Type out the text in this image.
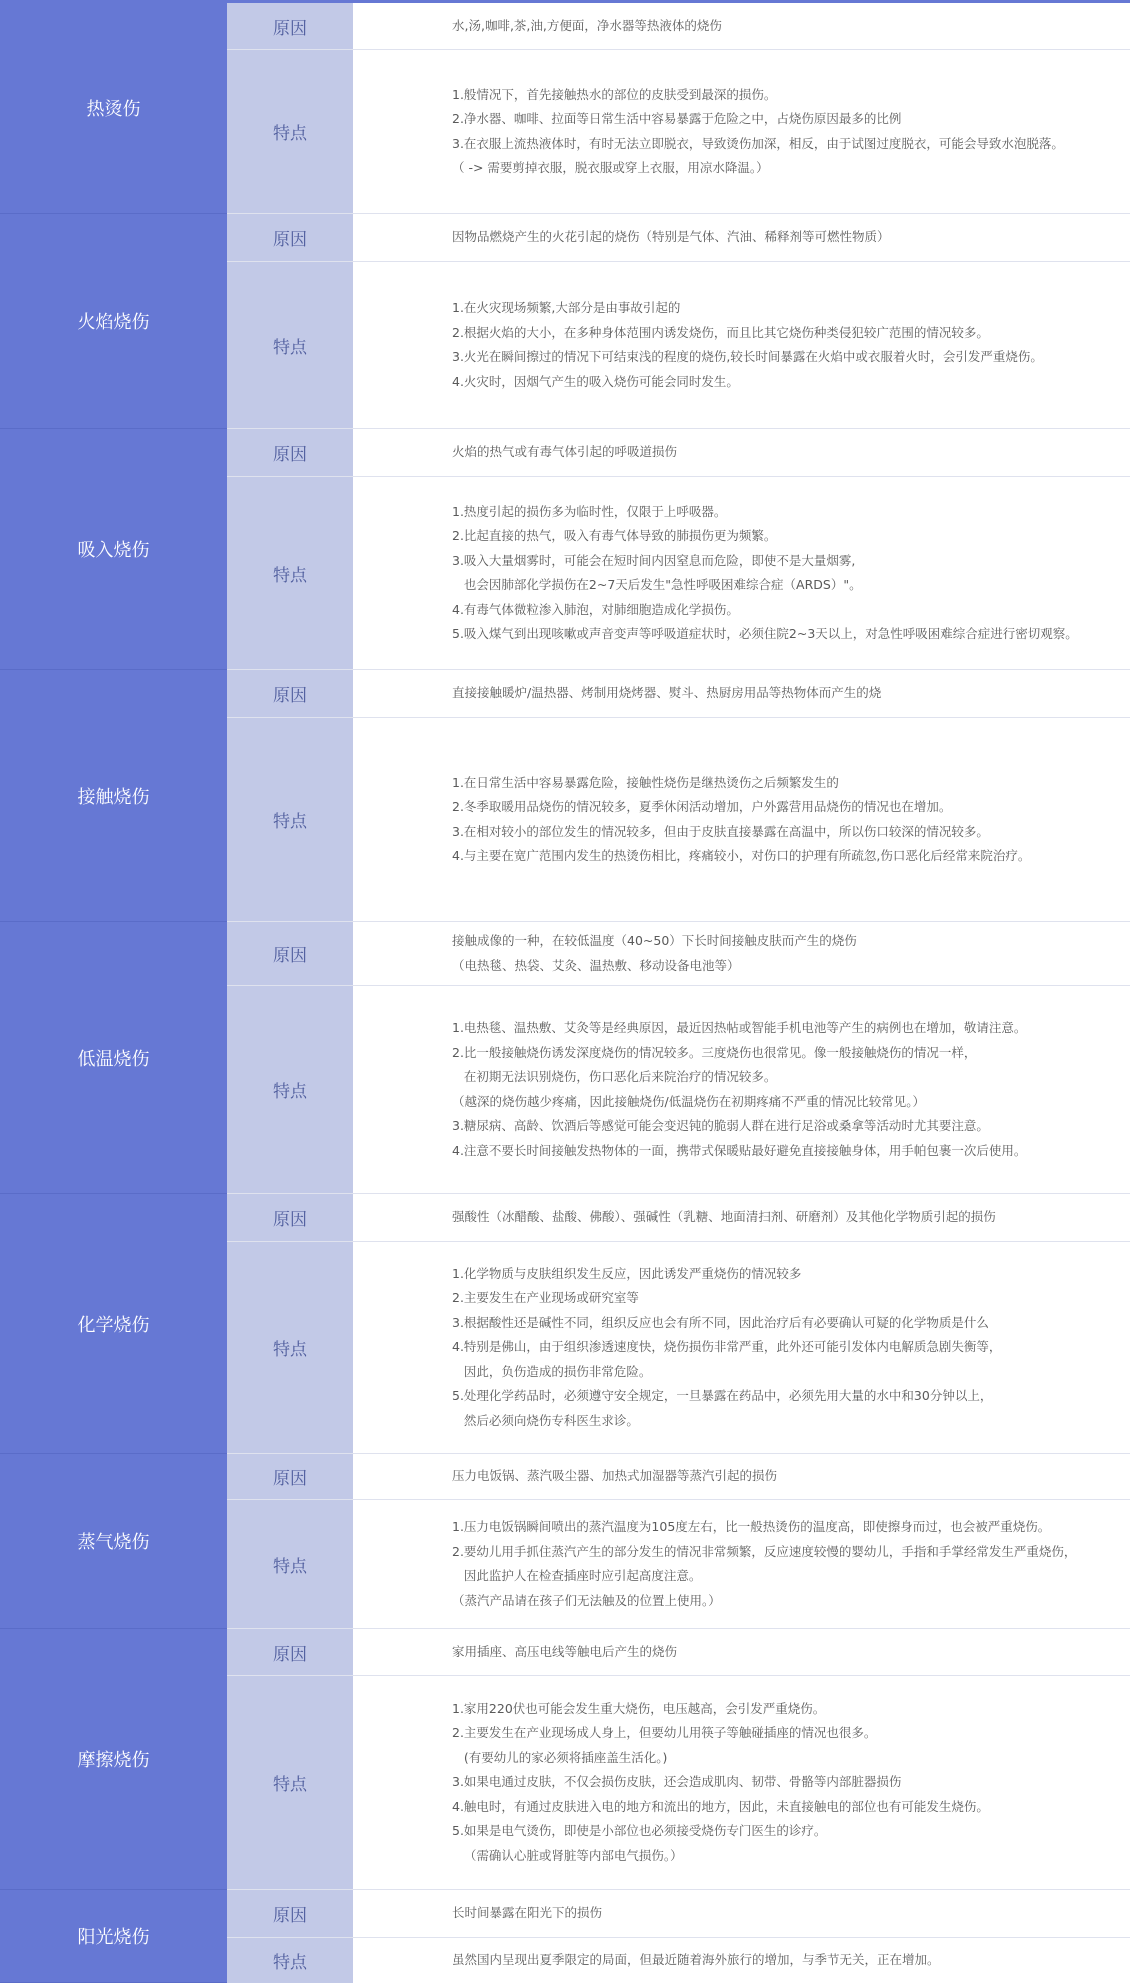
热烫伤
原因	水,汤,咖啡,茶,油,方便面，净水器等热液体的烧伤
特点
1.般情况下，首先接触热水的部位的皮肤受到最深的损伤。
2.净水器、咖啡、拉面等日常生活中容易暴露于危险之中，占烧伤原因最多的比例
3.在衣服上流热液体时，有时无法立即脱衣，导致烫伤加深，相反，由于试图过度脱衣，可能会导致水泡脱落。
（ -> 需要剪掉衣服，脱衣服或穿上衣服，用凉水降温。）
火焰烧伤
原因	因物品燃烧产生的火花引起的烧伤（特别是气体、汽油、稀释剂等可燃性物质）
特点
1.在火灾现场频繁,大部分是由事故引起的
2.根据火焰的大小，在多种身体范围内诱发烧伤，而且比其它烧伤种类侵犯较广范围的情况较多。
3.火光在瞬间擦过的情况下可结束浅的程度的烧伤,较长时间暴露在火焰中或衣服着火时，会引发严重烧伤。
4.火灾时，因烟气产生的吸入烧伤可能会同时发生。
吸入烧伤
原因	火焰的热气或有毒气体引起的呼吸道损伤
特点
1.热度引起的损伤多为临时性，仅限于上呼吸器。
2.比起直接的热气，吸入有毒气体导致的肺损伤更为频繁。
3.吸入大量烟雾时，可能会在短时间内因窒息而危险，即使不是大量烟雾,
也会因肺部化学损伤在2~7天后发生"急性呼吸困难综合症（ARDS）"。
4.有毒气体微粒渗入肺泡，对肺细胞造成化学损伤。
5.吸入煤气到出现咳嗽或声音变声等呼吸道症状时，必须住院2~3天以上，对急性呼吸困难综合症进行密切观察。
接触烧伤
原因	直接接触暖炉/温热器、烤制用烧烤器、熨斗、热厨房用品等热物体而产生的烧
特点
1.在日常生活中容易暴露危险，接触性烧伤是继热烫伤之后频繁发生的
2.冬季取暖用品烧伤的情况较多，夏季休闲活动增加，户外露营用品烧伤的情况也在增加。
3.在相对较小的部位发生的情况较多，但由于皮肤直接暴露在高温中，所以伤口较深的情况较多。
4.与主要在宽广范围内发生的热烫伤相比，疼痛较小，对伤口的护理有所疏忽,伤口恶化后经常来院治疗。
低温烧伤
原因
接触成像的一种，在较低温度（40~50）下长时间接触皮肤而产生的烧伤
（电热毯、热袋、艾灸、温热敷、移动设备电池等）
特点
1.电热毯、温热敷、艾灸等是经典原因，最近因热帖或智能手机电池等产生的病例也在增加，敬请注意。
2.比一般接触烧伤诱发深度烧伤的情况较多。三度烧伤也很常见。像一般接触烧伤的情况一样，
在初期无法识别烧伤，伤口恶化后来院治疗的情况较多。
（越深的烧伤越少疼痛，因此接触烧伤/低温烧伤在初期疼痛不严重的情况比较常见。）
3.糖尿病、高龄、饮酒后等感觉可能会变迟钝的脆弱人群在进行足浴或桑拿等活动时尤其要注意。
4.注意不要长时间接触发热物体的一面，携带式保暖贴最好避免直接接触身体，用手帕包裹一次后使用。
化学烧伤
原因	强酸性（冰醋酸、盐酸、佛酸）、强碱性（乳糖、地面清扫剂、研磨剂）及其他化学物质引起的损伤
特点
1.化学物质与皮肤组织发生反应，因此诱发严重烧伤的情况较多
2.主要发生在产业现场或研究室等
3.根据酸性还是碱性不同，组织反应也会有所不同，因此治疗后有必要确认可疑的化学物质是什么
4.特别是佛山，由于组织渗透速度快，烧伤损伤非常严重，此外还可能引发体内电解质急剧失衡等，
因此，负伤造成的损伤非常危险。
5.处理化学药品时，必须遵守安全规定，一旦暴露在药品中，必须先用大量的水中和30分钟以上，
然后必须向烧伤专科医生求诊。
蒸气烧伤
原因	压力电饭锅、蒸汽吸尘器、加热式加湿器等蒸汽引起的损伤
特点
1.压力电饭锅瞬间喷出的蒸汽温度为105度左右，比一般热烫伤的温度高，即使擦身而过，也会被严重烧伤。
2.要幼儿用手抓住蒸汽产生的部分发生的情况非常频繁，反应速度较慢的婴幼儿，手指和手掌经常发生严重烧伤，
因此监护人在检查插座时应引起高度注意。
（蒸汽产品请在孩子们无法触及的位置上使用。）
摩擦烧伤
原因	家用插座、高压电线等触电后产生的烧伤
特点
1.家用220伏也可能会发生重大烧伤，电压越高，会引发严重烧伤。
2.主要发生在产业现场成人身上，但要幼儿用筷子等触碰插座的情况也很多。
(有要幼儿的家必须将插座盖生活化。)
3.如果电通过皮肤，不仅会损伤皮肤，还会造成肌肉、韧带、骨骼等内部脏器损伤
4.触电时，有通过皮肤进入电的地方和流出的地方，因此，未直接触电的部位也有可能发生烧伤。
5.如果是电气烫伤，即使是小部位也必须接受烧伤专门医生的诊疗。
（需确认心脏或肾脏等内部电气损伤。）
阳光烧伤
原因	长时间暴露在阳光下的损伤
特点	虽然国内呈现出夏季限定的局面，但最近随着海外旅行的增加，与季节无关，正在增加。
